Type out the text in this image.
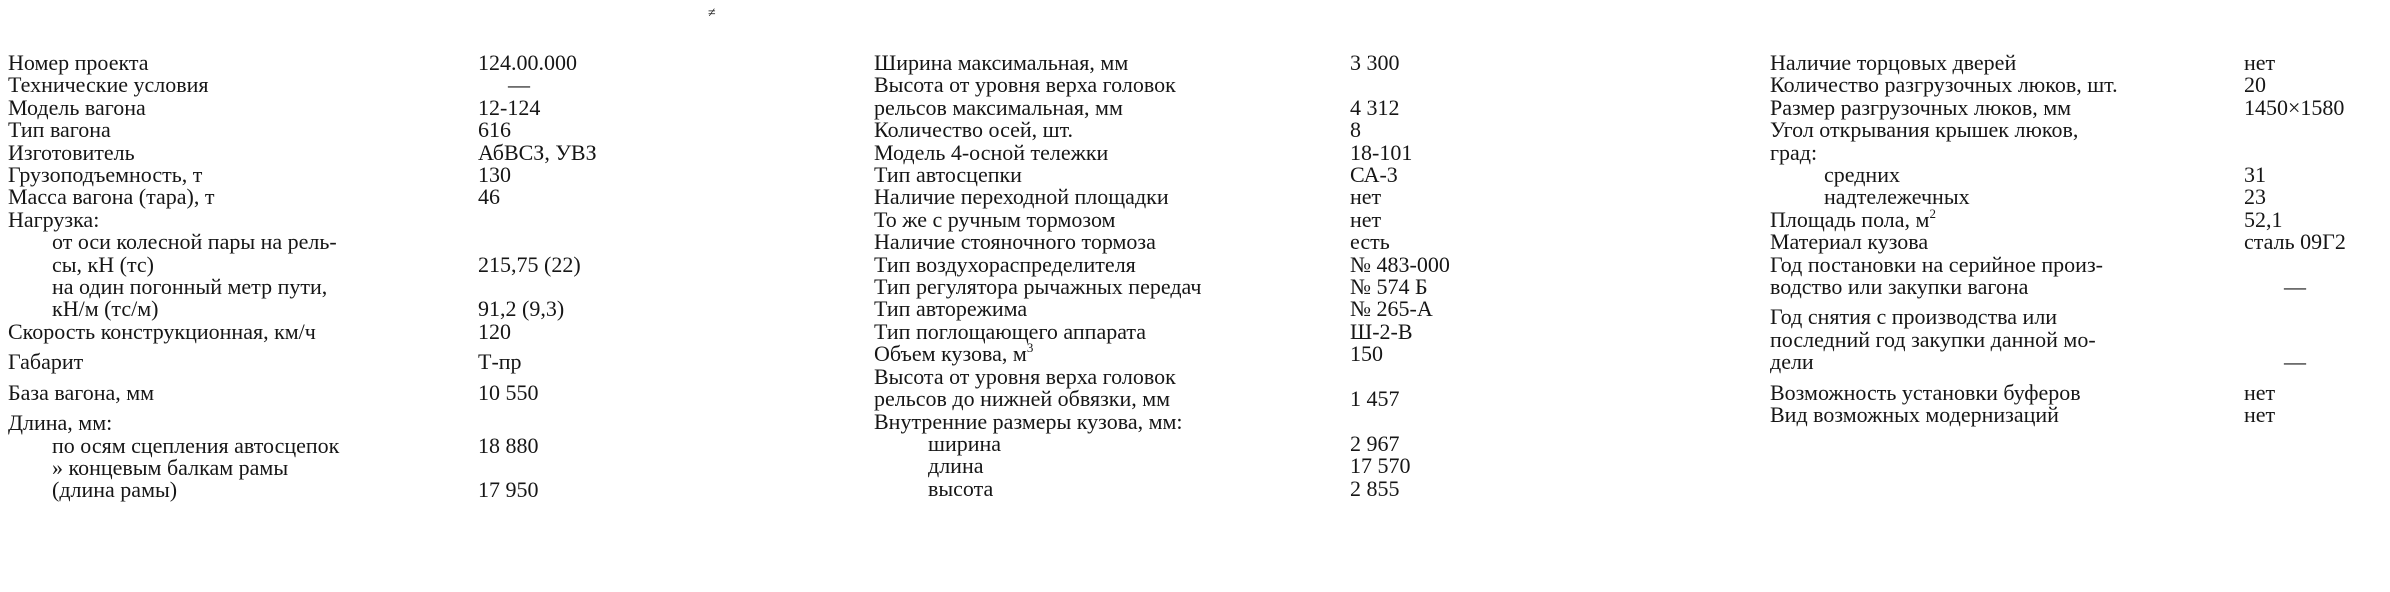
≠
Номер проекта	124.00.000
Технические условия	—
Модель вагона	12-124
Тип вагона	616
Изготовитель	АбВСЗ, УВЗ
Грузоподъемность, т	130
Масса вагона (тара), т	46
Нагрузка:
от оси колесной пары на рель-
сы, кН (тс)	215,75 (22)
на один погонный метр пути,
кН/м (тс/м)	91,2 (9,3)
Скорость конструкционная, км/ч	120
Габарит	Т-пр
База вагона, мм	10 550
Длина, мм:
по осям сцепления автосцепок	18 880
» концевым балкам рамы
(длина рамы)	17 950
Ширина максимальная, мм	3 300
Высота от уровня верха головок
рельсов максимальная, мм	4 312
Количество осей, шт.	8
Модель 4-осной тележки	18-101
Тип автосцепки	СА-3
Наличие переходной площадки	нет
То же с ручным тормозом	нет
Наличие стояночного тормоза	есть
Тип воздухораспределителя	№ 483-000
Тип регулятора рычажных передач	№ 574 Б
Тип авторежима	№ 265-А
Тип поглощающего аппарата	Ш-2-В
Объем кузова, $м^3$	150
Высота от уровня верха головок
рельсов до нижней обвязки, мм	1 457
Внутренние размеры кузова, мм:
ширина	2 967
длина	17 570
высота	2 855
Наличие торцовых дверей	нет
Количество разгрузочных люков, шт.	20
Размер разгрузочных люков, мм	1450×1580
Угол открывания крышек люков,
град:
средних	31
надтележечных	23
Площадь пола, $м^2$	52,1
Материал кузова	сталь 09Г2
Год постановки на серийное произ-
водство или закупки вагона	—
Год снятия с производства или
последний год закупки данной мо-
дели	—
Возможность установки буферов	нет
Вид возможных модернизаций	нет
